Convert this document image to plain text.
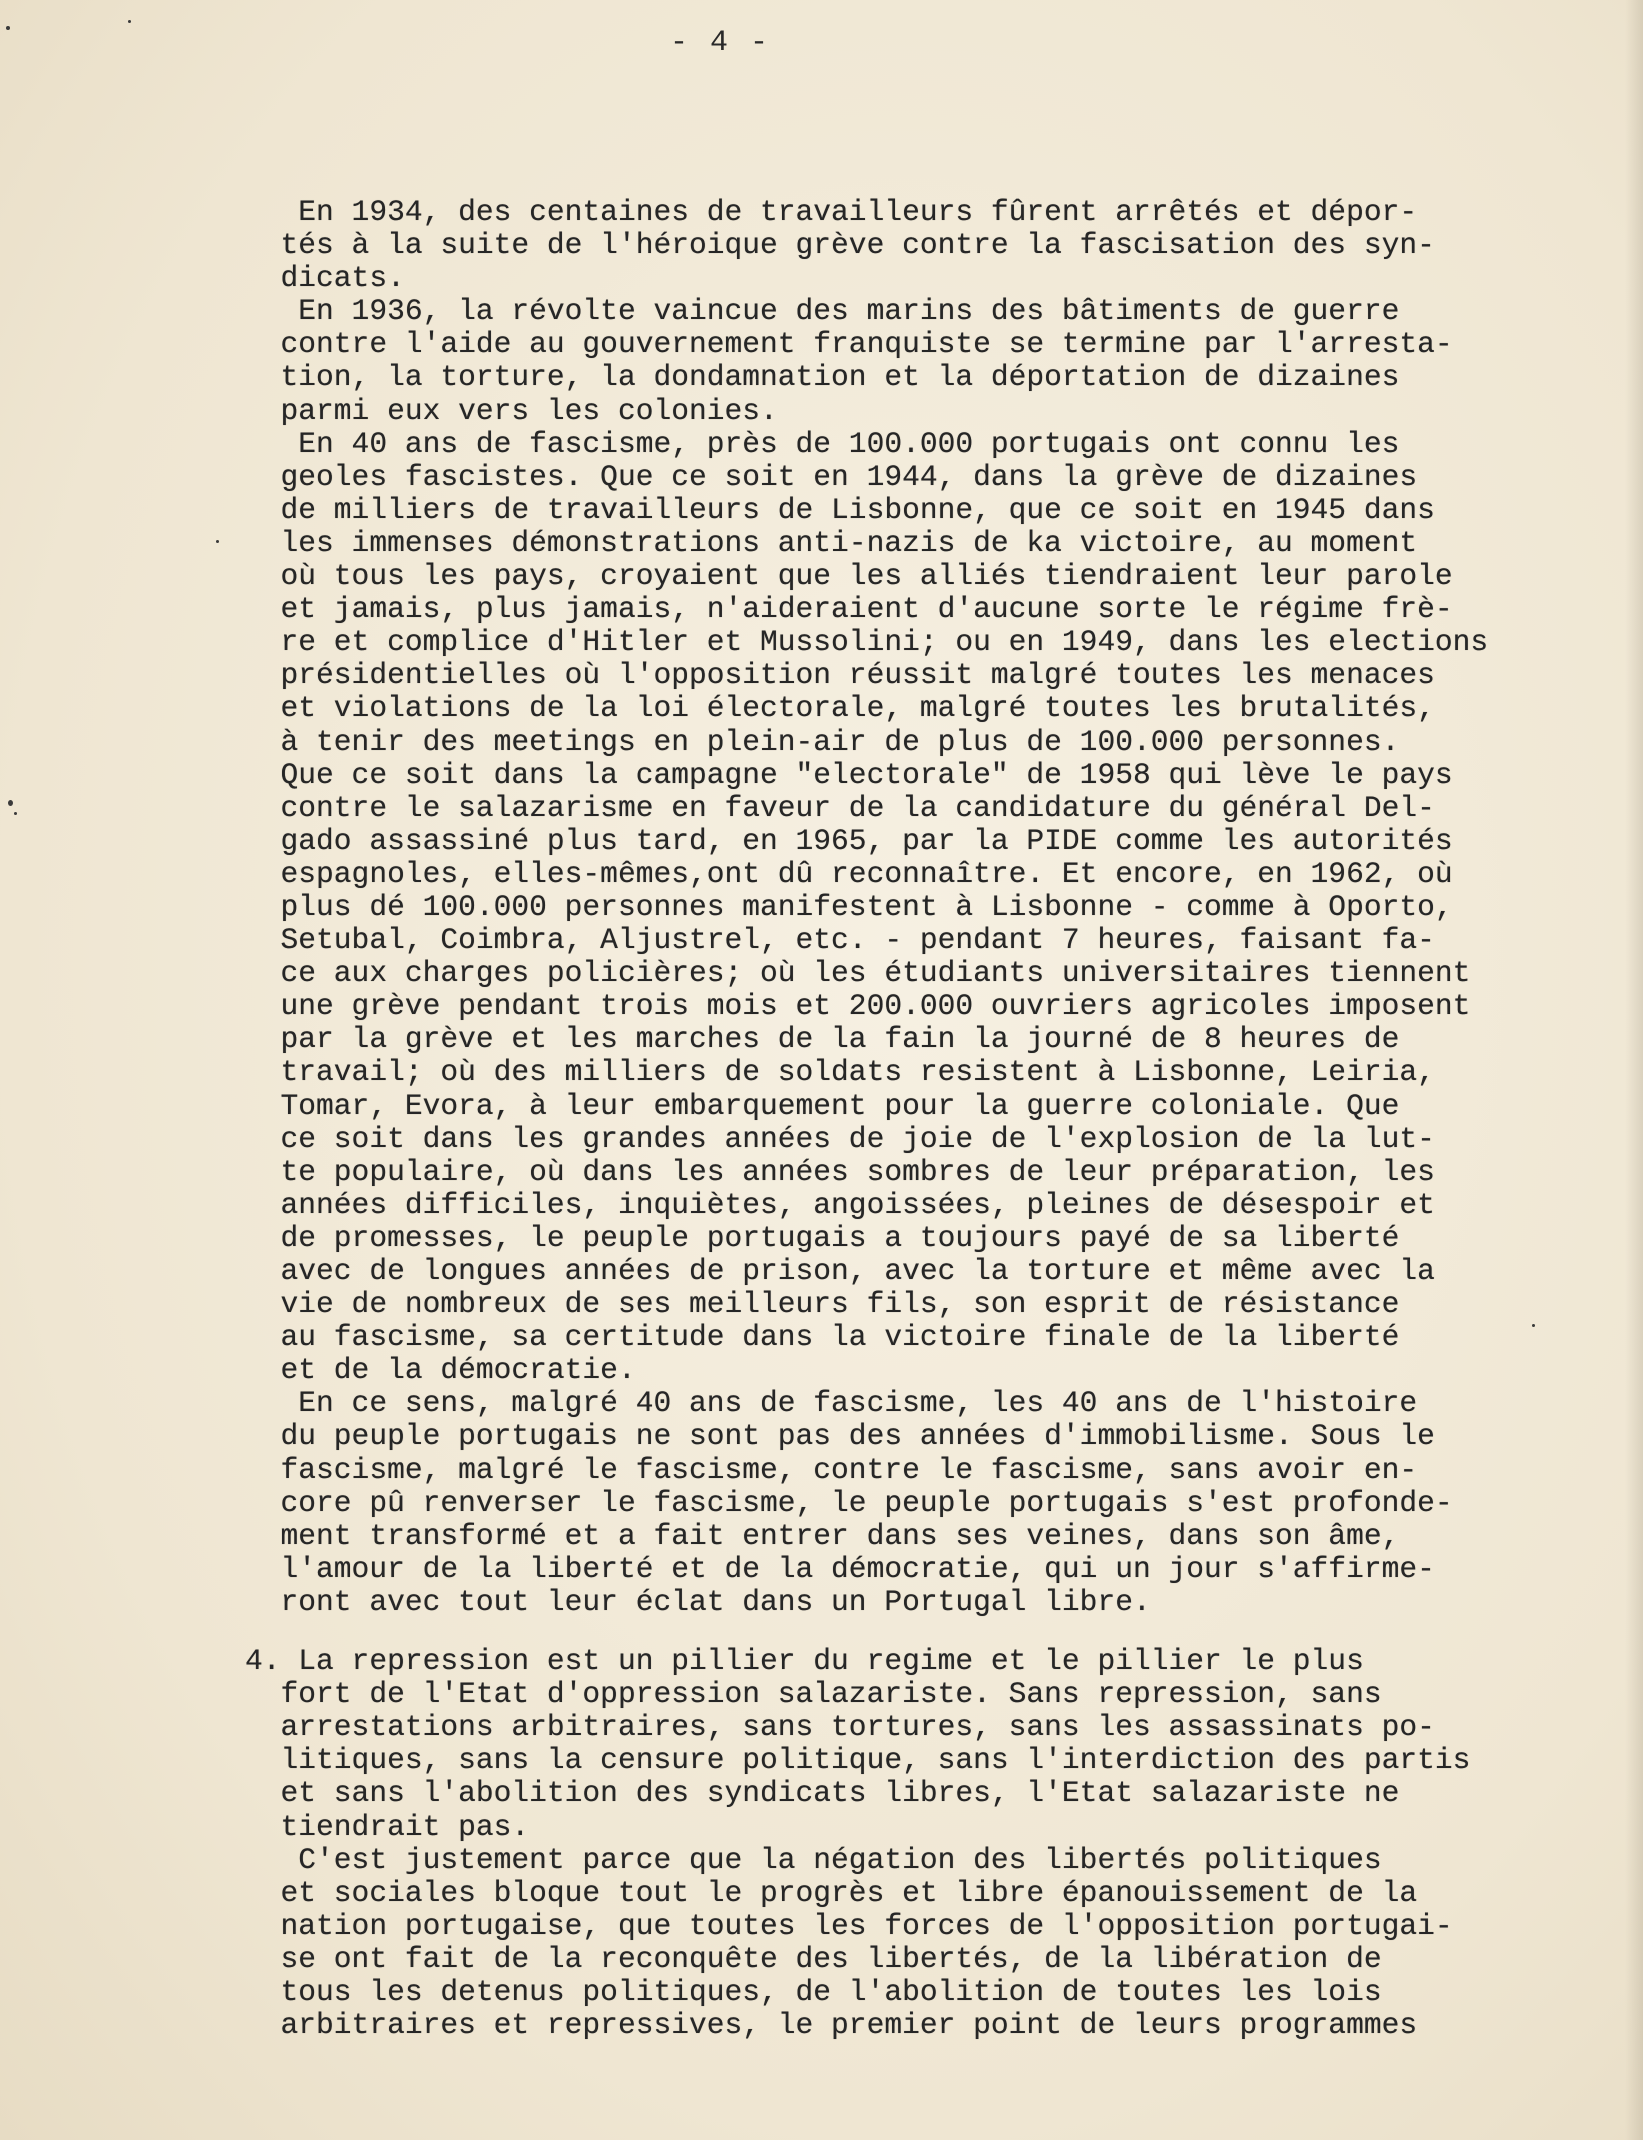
- 4 -
En 1934, des centaines de travailleurs fûrent arrêtés et dépor-
tés à la suite de l'héroique grève contre la fascisation des syn-
dicats.
En 1936, la révolte vaincue des marins des bâtiments de guerre
contre l'aide au gouvernement franquiste se termine par l'arresta-
tion, la torture, la dondamnation et la déportation de dizaines
parmi eux vers les colonies.
En 40 ans de fascisme, près de 100.000 portugais ont connu les
geoles fascistes. Que ce soit en 1944, dans la grève de dizaines
de milliers de travailleurs de Lisbonne, que ce soit en 1945 dans
les immenses démonstrations anti-nazis de ka victoire, au moment
où tous les pays, croyaient que les alliés tiendraient leur parole
et jamais, plus jamais, n'aideraient d'aucune sorte le régime frè-
re et complice d'Hitler et Mussolini; ou en 1949, dans les elections
présidentielles où l'opposition réussit malgré toutes les menaces
et violations de la loi électorale, malgré toutes les brutalités,
à tenir des meetings en plein-air de plus de 100.000 personnes.
Que ce soit dans la campagne "electorale" de 1958 qui lève le pays
contre le salazarisme en faveur de la candidature du général Del-
gado assassiné plus tard, en 1965, par la PIDE comme les autorités
espagnoles, elles-mêmes,ont dû reconnaître. Et encore, en 1962, où
plus dé 100.000 personnes manifestent à Lisbonne - comme à Oporto,
Setubal, Coimbra, Aljustrel, etc. - pendant 7 heures, faisant fa-
ce aux charges policières; où les étudiants universitaires tiennent
une grève pendant trois mois et 200.000 ouvriers agricoles imposent
par la grève et les marches de la fain la journé de 8 heures de
travail; où des milliers de soldats resistent à Lisbonne, Leiria,
Tomar, Evora, à leur embarquement pour la guerre coloniale. Que
ce soit dans les grandes années de joie de l'explosion de la lut-
te populaire, où dans les années sombres de leur préparation, les
années difficiles, inquiètes, angoissées, pleines de désespoir et
de promesses, le peuple portugais a toujours payé de sa liberté
avec de longues années de prison, avec la torture et même avec la
vie de nombreux de ses meilleurs fils, son esprit de résistance
au fascisme, sa certitude dans la victoire finale de la liberté
et de la démocratie.
En ce sens, malgré 40 ans de fascisme, les 40 ans de l'histoire
du peuple portugais ne sont pas des années d'immobilisme. Sous le
fascisme, malgré le fascisme, contre le fascisme, sans avoir en-
core pû renverser le fascisme, le peuple portugais s'est profonde-
ment transformé et a fait entrer dans ses veines, dans son âme,
l'amour de la liberté et de la démocratie, qui un jour s'affirme-
ront avec tout leur éclat dans un Portugal libre.
4. La repression est un pillier du regime et le pillier le plus
fort de l'Etat d'oppression salazariste. Sans repression, sans
arrestations arbitraires, sans tortures, sans les assassinats po-
litiques, sans la censure politique, sans l'interdiction des partis
et sans l'abolition des syndicats libres, l'Etat salazariste ne
tiendrait pas.
C'est justement parce que la négation des libertés politiques
et sociales bloque tout le progrès et libre épanouissement de la
nation portugaise, que toutes les forces de l'opposition portugai-
se ont fait de la reconquête des libertés, de la libération de
tous les detenus politiques, de l'abolition de toutes les lois
arbitraires et repressives, le premier point de leurs programmes
